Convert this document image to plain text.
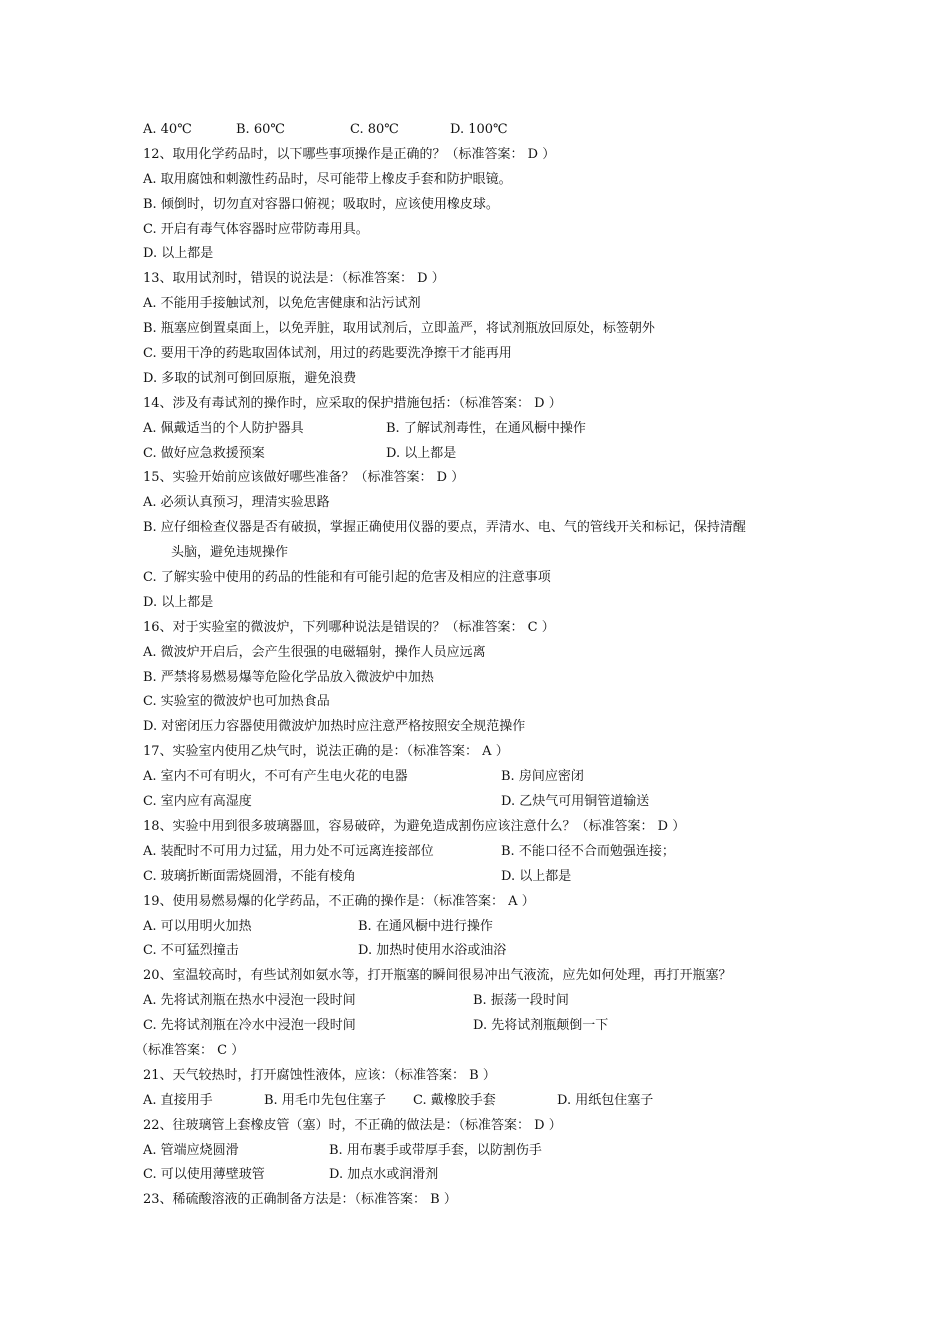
A. 40℃	B. 60℃	C. 80℃	D. 100℃
12、取用化学药品时，以下哪些事项操作是正确的？（标准答案： D ）
A. 取用腐蚀和刺激性药品时，尽可能带上橡皮手套和防护眼镜。
B. 倾倒时，切勿直对容器口俯视；吸取时，应该使用橡皮球。
C. 开启有毒气体容器时应带防毒用具。
D. 以上都是
13、取用试剂时，错误的说法是：（标准答案： D ）
A. 不能用手接触试剂，以免危害健康和沾污试剂
B. 瓶塞应倒置桌面上，以免弄脏，取用试剂后，立即盖严，将试剂瓶放回原处，标签朝外
C. 要用干净的药匙取固体试剂，用过的药匙要洗净擦干才能再用
D. 多取的试剂可倒回原瓶，避免浪费
14、涉及有毒试剂的操作时，应采取的保护措施包括：（标准答案： D ）
A. 佩戴适当的个人防护器具	B. 了解试剂毒性，在通风橱中操作
C. 做好应急救援预案	D. 以上都是
15、实验开始前应该做好哪些准备？（标准答案： D ）
A. 必须认真预习，理清实验思路
B. 应仔细检查仪器是否有破损，掌握正确使用仪器的要点，弄清水、电、气的管线开关和标记，保持清醒
头脑，避免违规操作
C. 了解实验中使用的药品的性能和有可能引起的危害及相应的注意事项
D. 以上都是
16、对于实验室的微波炉，下列哪种说法是错误的？（标准答案： C ）
A. 微波炉开启后，会产生很强的电磁辐射，操作人员应远离
B. 严禁将易燃易爆等危险化学品放入微波炉中加热
C. 实验室的微波炉也可加热食品
D. 对密闭压力容器使用微波炉加热时应注意严格按照安全规范操作
17、实验室内使用乙炔气时，说法正确的是：（标准答案： A ）
A. 室内不可有明火，不可有产生电火花的电器	B. 房间应密闭
C. 室内应有高湿度	D. 乙炔气可用铜管道输送
18、实验中用到很多玻璃器皿，容易破碎，为避免造成割伤应该注意什么？（标准答案： D ）
A. 装配时不可用力过猛，用力处不可远离连接部位	B. 不能口径不合而勉强连接；
C. 玻璃折断面需烧圆滑，不能有棱角	D. 以上都是
19、使用易燃易爆的化学药品，不正确的操作是：（标准答案： A ）
A. 可以用明火加热	B. 在通风橱中进行操作
C. 不可猛烈撞击	D. 加热时使用水浴或油浴
20、室温较高时，有些试剂如氨水等，打开瓶塞的瞬间很易冲出气液流，应先如何处理，再打开瓶塞？
A. 先将试剂瓶在热水中浸泡一段时间	B. 振荡一段时间
C. 先将试剂瓶在冷水中浸泡一段时间	D. 先将试剂瓶颠倒一下
（标准答案： C ）
21、天气较热时，打开腐蚀性液体，应该：（标准答案： B ）
A. 直接用手	B. 用毛巾先包住塞子 C. 戴橡胶手套	D. 用纸包住塞子
22、往玻璃管上套橡皮管（塞）时，不正确的做法是：（标准答案： D ）
A. 管端应烧圆滑	B. 用布裹手或带厚手套，以防割伤手
C. 可以使用薄壁玻管	D. 加点水或润滑剂
23、稀硫酸溶液的正确制备方法是：（标准答案： B ）
